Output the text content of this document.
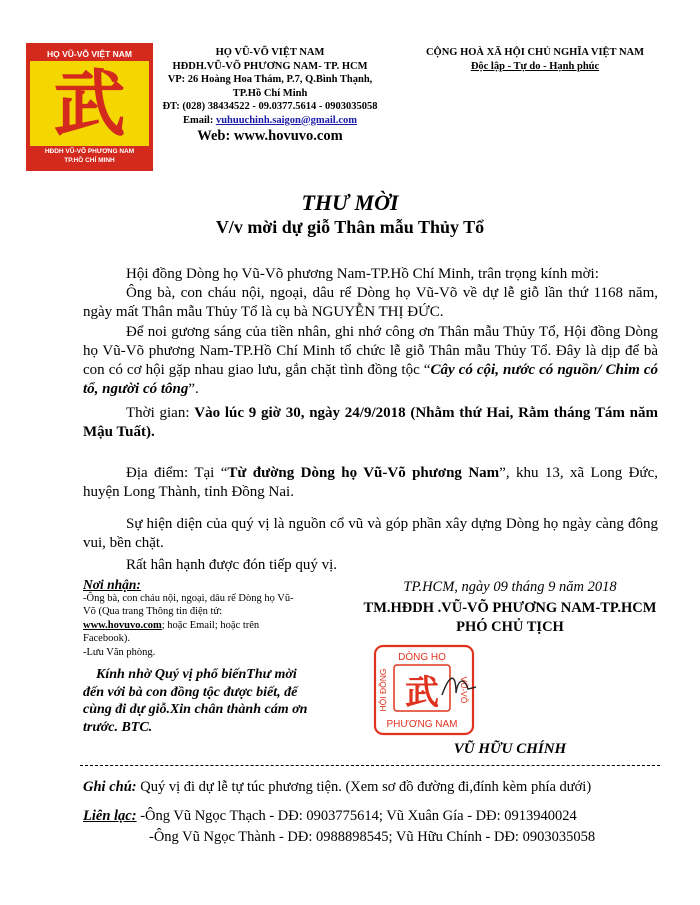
HỌ VŨ-VÕ VIỆT NAM
武
HĐDH VŨ-VÕ PHƯƠNG NAM
TP.HỒ CHÍ MINH
HỌ VŨ-VÕ VIỆT NAM
HĐDH.VŨ-VÕ PHƯƠNG NAM- TP. HCM
VP: 26 Hoàng Hoa Thám, P.7, Q.Bình Thạnh,
TP.Hồ Chí Minh
ĐT: (028) 38434522 - 09.0377.5614 - 0903035058
Email: vuhuuchinh.saigon@gmail.com
Web: www.hovuvo.com
CỘNG HOÀ XÃ HỘI CHỦ NGHĨA VIỆT NAM
Độc lập - Tự do - Hạnh phúc
THƯ MỜI
V/v mời dự giỗ Thân mẫu Thủy Tổ

Hội đồng Dòng họ Vũ-Võ phương Nam-TP.Hồ Chí Minh, trân trọng kính mời:

Ông bà, con cháu nội, ngoại, dâu rể Dòng họ Vũ-Võ về dự lễ giỗ lần thứ 1168 năm, ngày mất Thân mẫu Thủy Tổ là cụ bà NGUYỄN THỊ ĐỨC.

Để noi gương sáng của tiền nhân, ghi nhớ công ơn Thân mẫu Thủy Tổ, Hội đồng Dòng họ Vũ-Võ phương Nam-TP.Hồ Chí Minh tổ chức lễ giỗ Thân mẫu Thủy Tổ. Đây là dịp để bà con có cơ hội gặp nhau giao lưu, gắn chặt tình đồng tộc “Cây có cội, nước có nguồn/ Chim có tổ, người có tông”.

Thời gian: Vào lúc 9 giờ 30, ngày 24/9/2018 (Nhằm thứ Hai, Rằm tháng Tám năm Mậu Tuất).

Địa điểm: Tại “Từ đường Dòng họ Vũ-Võ phương Nam”, khu 13, xã Long Đức, huyện Long Thành, tỉnh Đồng Nai.

Sự hiện diện của quý vị là nguồn cổ vũ và góp phần xây dựng Dòng họ ngày càng đông vui, bền chặt.

Rất hân hạnh được đón tiếp quý vị.

Nơi nhận:
-Ông bà, con cháu nội, ngoại, dâu rể Dòng họ Vũ-Võ (Qua trang Thông tin điện tử: www.hovuvo.com; hoặc Email; hoặc trên Facebook).
-Lưu Văn phòng.
Kính nhờ Quý vị phổ biếnThư mời đến với bà con đồng tộc được biết, để cùng đi dự giỗ.Xin chân thành cám ơn trước. BTC.
TP.HCM, ngày 09 tháng 9 năm 2018
TM.HĐDH .VŨ-VÕ PHƯƠNG NAM-TP.HCM
PHÓ CHỦ TỊCH
DÒNG HỌ
PHƯƠNG NAM
HỘI ĐỒNG	VŨ-VÕ
武
VŨ HỮU CHÍNH
Ghi chú: Quý vị đi dự lễ tự túc phương tiện. (Xem sơ đồ đường đi,đính kèm phía dưới)
Liên lạc: -Ông Vũ Ngọc Thạch - DĐ: 0903775614; Vũ Xuân Gía - DĐ: 0913940024
-Ông Vũ Ngọc Thành - DĐ: 0988898545; Vũ Hữu Chính - DĐ: 0903035058
